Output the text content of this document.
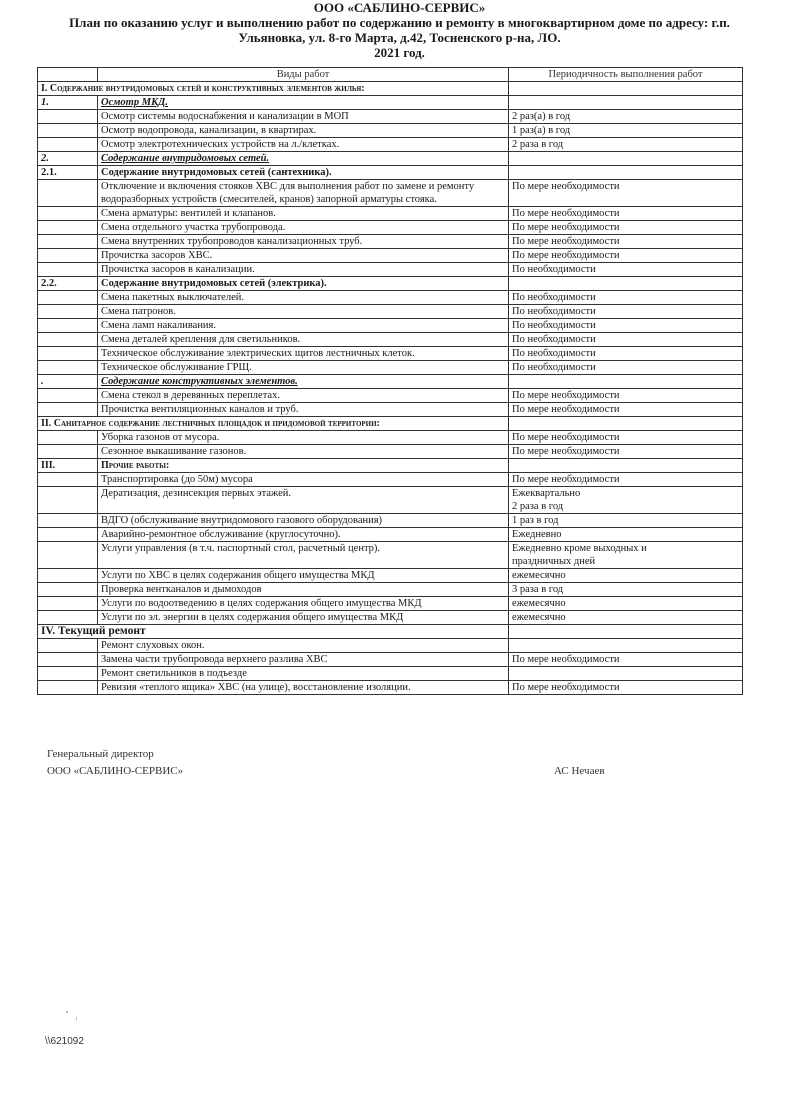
ООО «САБЛИНО-СЕРВИС»
План по оказанию услуг и выполнению работ по содержанию и ремонту в многоквартирном доме по адресу: г.п.
Ульяновка, ул. 8-го Марта, д.42, Тосненского р-на, ЛО.
2021 год.
	Виды работ	Периодичность выполнения работ
I. Содержание внутридомовых сетей и конструктивных элементов жилья:		
1.	Осмотр МКД.	
	Осмотр системы водоснабжения и канализации в МОП	2 раз(а) в год
	Осмотр водопровода, канализации, в квартирах.	1 раз(а) в год
	Осмотр электротехнических устройств на л./клетках.	2 раза в год
2.	Содержание внутридомовых сетей.	
2.1.	Содержание внутридомовых сетей (сантехника).	
	Отключение и включения стояков ХВС для выполнения работ по замене и ремонту водоразборных устройств (смесителей, кранов) запорной арматуры стояка.	По мере необходимости
	Смена арматуры: вентилей и клапанов.	По мере необходимости
	Смена отдельного участка трубопровода.	По мере необходимости
	Смена внутренних трубопроводов канализационных труб.	По мере необходимости
	Прочистка засоров ХВС.	По мере необходимости
	Прочистка засоров в канализации.	По необходимости
2.2.	Содержание внутридомовых сетей (электрика).	
	Смена пакетных выключателей.	По необходимости
	Смена патронов.	По необходимости
	Смена ламп накаливания.	По необходимости
	Смена деталей крепления для светильников.	По необходимости
	Техническое обслуживание электрических щитов лестничных клеток.	По необходимости
	Техническое обслуживание ГРЩ.	По необходимости
.	Содержание конструктивных элементов.	
	Смена стекол в деревянных переплетах.	По мере необходимости
	Прочистка вентиляционных каналов и труб.	По мере необходимости
II. Санитарное содержание лестничных площадок и придомовой территории:		
	Уборка газонов от мусора.	По мере необходимости
	Сезонное выкашивание газонов.	По мере необходимости
III.	Прочие работы:	
	Транспортировка (до 50м) мусора	По мере необходимости
	Дератизация, дезинсекция первых этажей.	Ежеквартально
2 раза в год
	ВДГО (обслуживание внутридомового газового оборудования)	1 раз в год
	Аварийно-ремонтное обслуживание (круглосуточно).	Ежедневно
	Услуги управления (в т.ч. паспортный стол, расчетный центр).	Ежедневно кроме выходных и
праздничных дней
	Услуги по ХВС в целях содержания общего имущества МКД	ежемесячно
	Проверка вентканалов и дымоходов	3 раза в год
	Услуги по водоотведению в целях содержания общего имущества МКД	ежемесячно
	Услуги по эл. энергии в целях содержания общего имущества МКД	ежемесячно
IV. Текущий ремонт		
	Ремонт слуховых окон.	
	Замена части трубопровода верхнего разлива ХВС	По мере необходимости
	Ремонт светильников в подъезде	
	Ревизия «теплого ящика» ХВС (на улице), восстановление изоляции.	По мере необходимости
Генеральный директор
ООО «САБЛИНО-СЕРВИС»	АС Нечаев
\\621092
